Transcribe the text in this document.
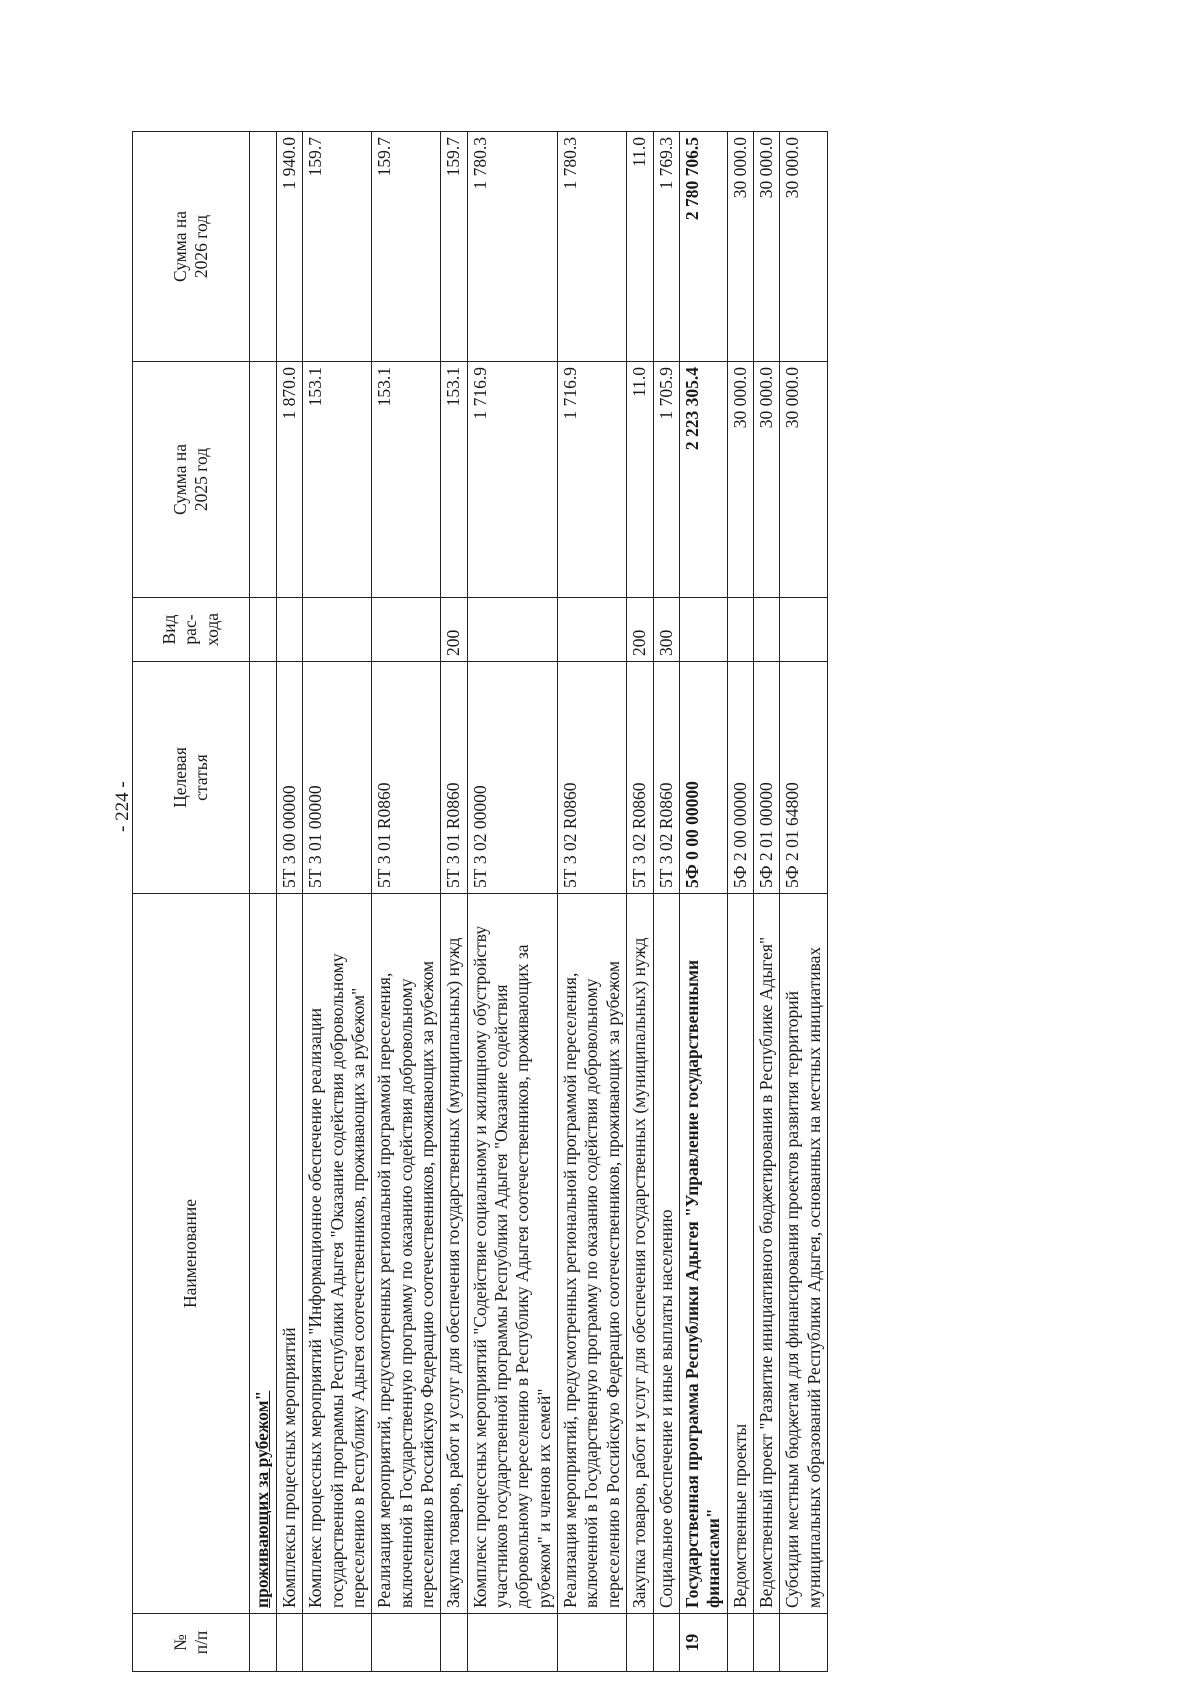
- 224 -
№
п/п	Наименование	Целевая
статья	Вид
рас-
хода	Сумма на
2025 год	Сумма на
2026 год
	проживающих за рубежом"				
	Комплексы процессных мероприятий	5Т 3 00 00000		1 870.0	1 940.0
	Комплекс процессных мероприятий "Информационное обеспечение реализации государственной программы Республики Адыгея "Оказание содействия добровольному переселению в Республику Адыгея соотечественников, проживающих за рубежом"	5Т 3 01 00000		153.1	159.7
	Реализация мероприятий, предусмотренных региональной программой переселения, включенной в Государственную программу по оказанию содействия добровольному переселению в Российскую Федерацию соотечественников, проживающих за рубежом	5Т 3 01 R0860		153.1	159.7
	Закупка товаров, работ и услуг для обеспечения государственных (муниципальных) нужд	5Т 3 01 R0860	200	153.1	159.7
	Комплекс процессных мероприятий "Содействие социальному и жилищному обустройству участников государственной программы Республики Адыгея "Оказание содействия добровольному переселению в Республику Адыгея соотечественников, проживающих за рубежом" и членов их семей"	5Т 3 02 00000		1 716.9	1 780.3
	Реализация мероприятий, предусмотренных региональной программой переселения, включенной в Государственную программу по оказанию содействия добровольному переселению в Российскую Федерацию соотечественников, проживающих за рубежом	5Т 3 02 R0860		1 716.9	1 780.3
	Закупка товаров, работ и услуг для обеспечения государственных (муниципальных) нужд	5Т 3 02 R0860	200	11.0	11.0
	Социальное обеспечение и иные выплаты населению	5Т 3 02 R0860	300	1 705.9	1 769.3
19	Государственная программа Республики Адыгея "Управление государственными финансами"	5Ф 0 00 00000		2 223 305.4	2 780 706.5
	Ведомственные проекты	5Ф 2 00 00000		30 000.0	30 000.0
	Ведомственный проект "Развитие инициативного бюджетирования в Республике Адыгея"	5Ф 2 01 00000		30 000.0	30 000.0
	Субсидии местным бюджетам для финансирования проектов развития территорий муниципальных образований Республики Адыгея, основанных на местных инициативах	5Ф 2 01 64800		30 000.0	30 000.0
